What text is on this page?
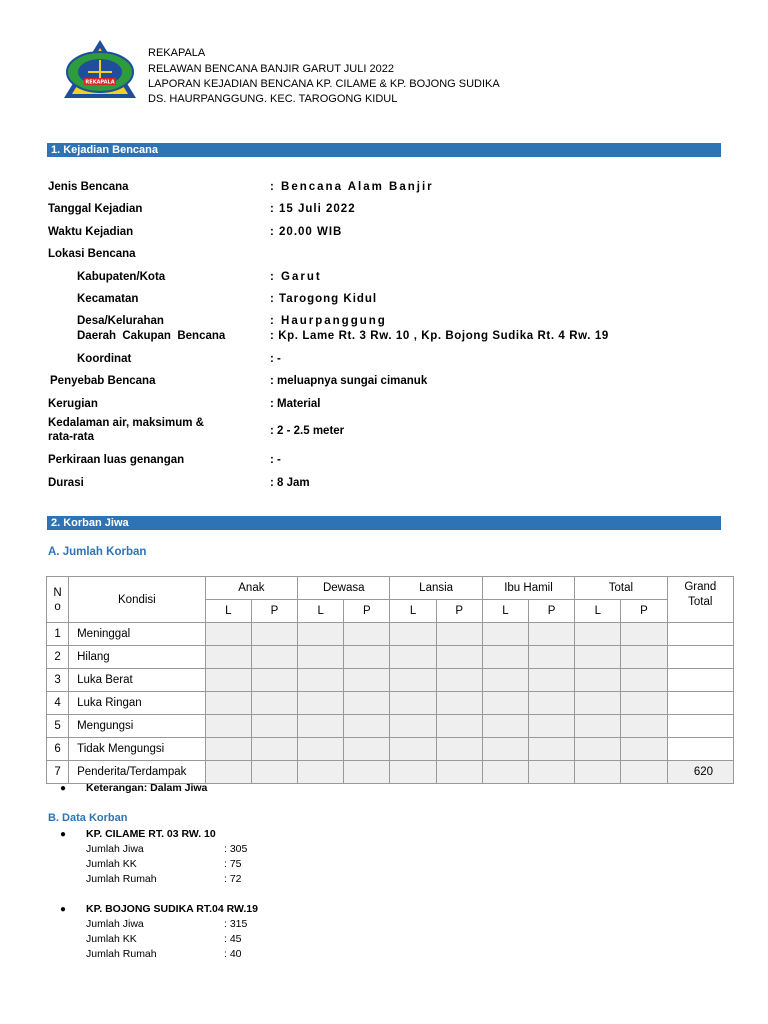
REKAPALA
REKAPALA
RELAWAN BENCANA BANJIR GARUT JULI 2022
LAPORAN KEJADIAN BENCANA KP. CILAME & KP. BOJONG SUDIKA
DS. HAURPANGGUNG. KEC. TAROGONG KIDUL
1. Kejadian Bencana
Jenis Bencana	: Bencana Alam Banjir
Tanggal Kejadian	: 15 Juli 2022
Waktu Kejadian	: 20.00 WIB
Lokasi Bencana
Kabupaten/Kota	: Garut
Kecamatan	: Tarogong Kidul
Desa/Kelurahan	: Haurpanggung
Daerah  Cakupan  Bencana	: Kp. Lame Rt. 3 Rw. 10 , Kp. Bojong Sudika Rt. 4 Rw. 19
Koordinat	: -
Penyebab Bencana	: meluapnya sungai cimanuk
Kerugian	: Material
Kedalaman air, maksimum &
rata-rata	: 2 - 2.5 meter
Perkiraan luas genangan	: -
Durasi	: 8 Jam
2. Korban Jiwa
A. Jumlah Korban
N
o	Kondisi	Anak		Dewasa		Lansia		Ibu Hamil		Total		Grand
Total
		L	P	L	P	L	P	L	P	L	P	
1	Meninggal											
2	Hilang											
3	Luka Berat											
4	Luka Ringan											
5	Mengungsi											
6	Tidak Mengungsi											
7	Penderita/Terdampak											620
● Keterangan: Dalam Jiwa
B. Data Korban
● KP. CILAME RT. 03 RW. 10
Jumlah Jiwa	: 305
Jumlah KK	: 75
Jumlah Rumah	: 72
● KP. BOJONG SUDIKA RT.04 RW.19
Jumlah Jiwa	: 315
Jumlah KK	: 45
Jumlah Rumah	: 40
